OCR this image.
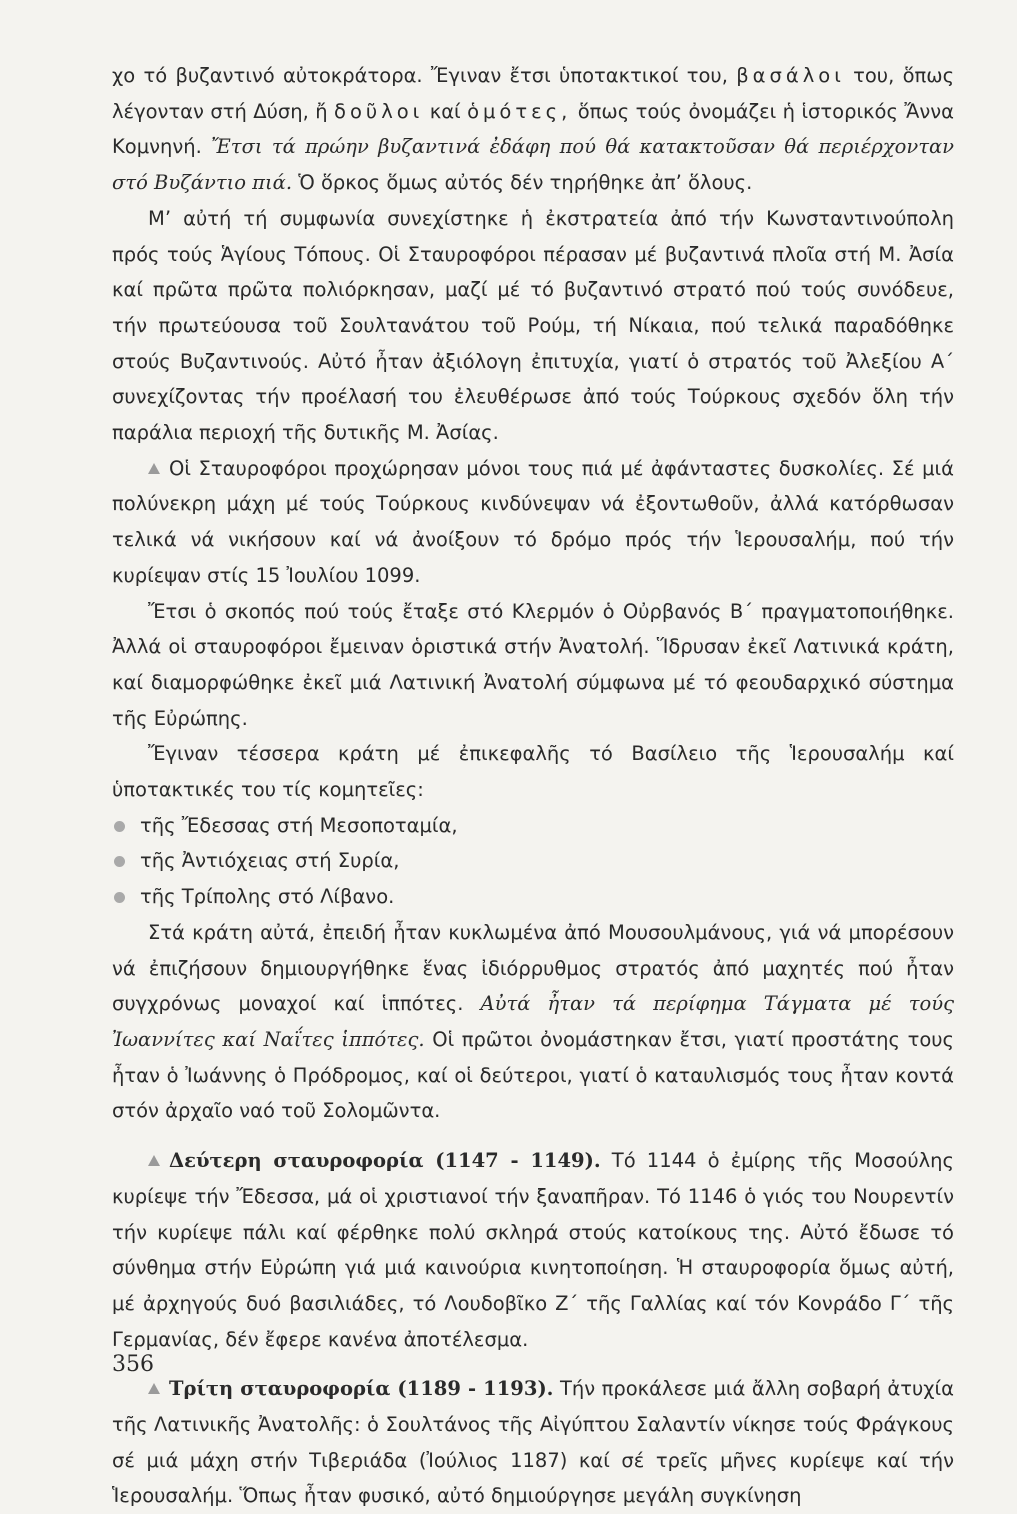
χο τό βυζαντινό αὐτοκράτορα. Ἔγιναν ἔτσι ὑποτακτικοί του, βασάλοι του, ὅπως λέγονταν στή Δύση, ἤ δοῦλοι καί ὁμότες, ὅπως τούς ὀνομάζει ἡ ἱστορικός Ἄννα Κομνηνή. Ἔτσι τά πρώην βυζαντινά ἐδάφη πού θά κατακτοῦσαν θά περιέρχονταν στό Βυζάντιο πιά. Ὁ ὅρκος ὅμως αὐτός δέν τηρήθηκε ἀπ’ ὅλους.

Μ’ αὐτή τή συμφωνία συνεχίστηκε ἡ ἐκστρατεία ἀπό τήν Κωνσταντινούπολη πρός τούς Ἁγίους Τόπους. Οἱ Σταυροφόροι πέρασαν μέ βυζαντινά πλοῖα στή Μ. Ἀσία καί πρῶτα πρῶτα πολιόρκησαν, μαζί μέ τό βυζαντινό στρατό πού τούς συνόδευε, τήν πρωτεύουσα τοῦ Σουλτανάτου τοῦ Ρούμ, τή Νίκαια, πού τελικά παραδόθηκε στούς Βυζαντινούς. Αὐτό ἦταν ἀξιόλογη ἐπιτυχία, γιατί ὁ στρατός τοῦ Ἀλεξίου Α΄ συνεχίζοντας τήν προέλασή του ἐλευθέρωσε ἀπό τούς Τούρκους σχεδόν ὅλη τήν παράλια περιοχή τῆς δυτικῆς Μ. Ἀσίας.

Οἱ Σταυροφόροι προχώρησαν μόνοι τους πιά μέ ἀφάνταστες δυσκολίες. Σέ μιά πολύνεκρη μάχη μέ τούς Τούρκους κινδύνεψαν νά ἐξοντωθοῦν, ἀλλά κατόρθωσαν τελικά νά νικήσουν καί νά ἀνοίξουν τό δρόμο πρός τήν Ἱερουσαλήμ, πού τήν κυρίεψαν στίς 15 Ἰουλίου 1099.

Ἔτσι ὁ σκοπός πού τούς ἔταξε στό Κλερμόν ὁ Οὐρβανός Β΄ πραγματοποιήθηκε. Ἀλλά οἱ σταυροφόροι ἔμειναν ὁριστικά στήν Ἀνατολή. Ἵδρυσαν ἐκεῖ Λατινικά κράτη, καί διαμορφώθηκε ἐκεῖ μιά Λατινική Ἀνατολή σύμφωνα μέ τό φεουδαρχικό σύστημα τῆς Εὐρώπης.

Ἔγιναν τέσσερα κράτη μέ ἐπικεφαλῆς τό Βασίλειο τῆς Ἱερουσαλήμ καί ὑποτακτικές του τίς κομητεῖες:

τῆς Ἔδεσσας στή Μεσοποταμία,
τῆς Ἀντιόχειας στή Συρία,
τῆς Τρίπολης στό Λίβανο.

Στά κράτη αὐτά, ἐπειδή ἦταν κυκλωμένα ἀπό Μουσουλμάνους, γιά νά μπορέσουν νά ἐπιζήσουν δημιουργήθηκε ἕνας ἰδιόρρυθμος στρατός ἀπό μαχητές πού ἦταν συγχρόνως μοναχοί καί ἱππότες. Αὐτά ἦταν τά περίφημα Τάγματα μέ τούς Ἰωαννίτες καί Ναΐτες ἱππότες. Οἱ πρῶτοι ὀνομάστηκαν ἔτσι, γιατί προστάτης τους ἦταν ὁ Ἰωάννης ὁ Πρόδρομος, καί οἱ δεύτεροι, γιατί ὁ καταυλισμός τους ἦταν κοντά στόν ἀρχαῖο ναό τοῦ Σολομῶντα.

Δεύτερη σταυροφορία (1147 - 1149). Τό 1144 ὁ ἐμίρης τῆς Μοσούλης κυρίεψε τήν Ἔδεσσα, μά οἱ χριστιανοί τήν ξαναπῆραν. Τό 1146 ὁ γιός του Νουρεντίν τήν κυρίεψε πάλι καί φέρθηκε πολύ σκληρά στούς κατοίκους της. Αὐτό ἔδωσε τό σύνθημα στήν Εὐρώπη γιά μιά καινούρια κινητοποίηση. Ἡ σταυροφορία ὅμως αὐτή, μέ ἀρχηγούς δυό βασιλιάδες, τό Λουδοβῖκο Ζ΄ τῆς Γαλλίας καί τόν Κονράδο Γ΄ τῆς Γερμανίας, δέν ἔφερε κανένα ἀποτέλεσμα.

Τρίτη σταυροφορία (1189 - 1193). Τήν προκάλεσε μιά ἄλλη σοβαρή ἀτυχία τῆς Λατινικῆς Ἀνατολῆς: ὁ Σουλτάνος τῆς Αἰγύπτου Σαλαντίν νίκησε τούς Φράγκους σέ μιά μάχη στήν Τιβεριάδα (Ἰούλιος 1187) καί σέ τρεῖς μῆνες κυρίεψε καί τήν Ἱερουσαλήμ. Ὅπως ἦταν φυσικό, αὐτό δημιούργησε μεγάλη συγκίνηση

356
